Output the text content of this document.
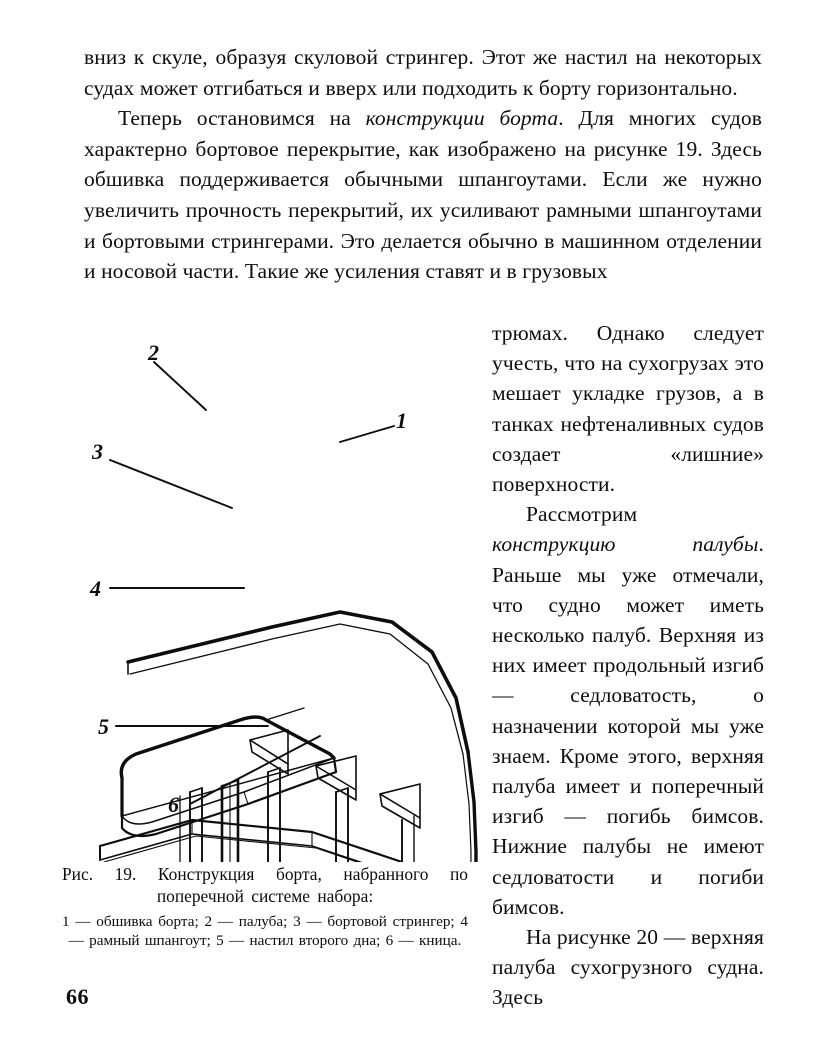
вниз к скуле, образуя скуловой стрингер. Этот же настил на некоторых судах может отгибаться и вверх или подходить к борту горизонтально.

Теперь остановимся на конструкции борта. Для многих судов характерно бортовое перекрытие, как изображено на рисунке 19. Здесь обшивка поддерживается обычными шпангоутами. Если же нужно увеличить прочность перекрытий, их усиливают рамными шпангоутами и бортовыми стрингерами. Это делается обычно в машинном отделении и носовой части. Такие же усиления ставят и в грузовых

трюмах. Однако следует учесть, что на сухогрузах это мешает укладке грузов, а в танках нефтеналивных судов создает «лишние» поверхности.

Рассмотрим конструкцию палубы. Раньше мы уже отмечали, что судно может иметь несколько палуб. Верхняя из них имеет продольный изгиб — седловатость, о назначении которой мы уже знаем. Кроме этого, верхняя палуба имеет и поперечный изгиб — погибь бимсов. Нижние палубы не имеют седловатости и погиби бимсов.

На рисунке 20 — верхняя палуба сухогрузного судна. Здесь

1
2
3
4
5
6
Рис. 19. Конструкция борта, набранного по поперечной системе набора:
1 — обшивка борта; 2 — палуба; 3 — бортовой стрингер; 4 — рамный шпангоут; 5 — настил второго дна; 6 — кница.
66
